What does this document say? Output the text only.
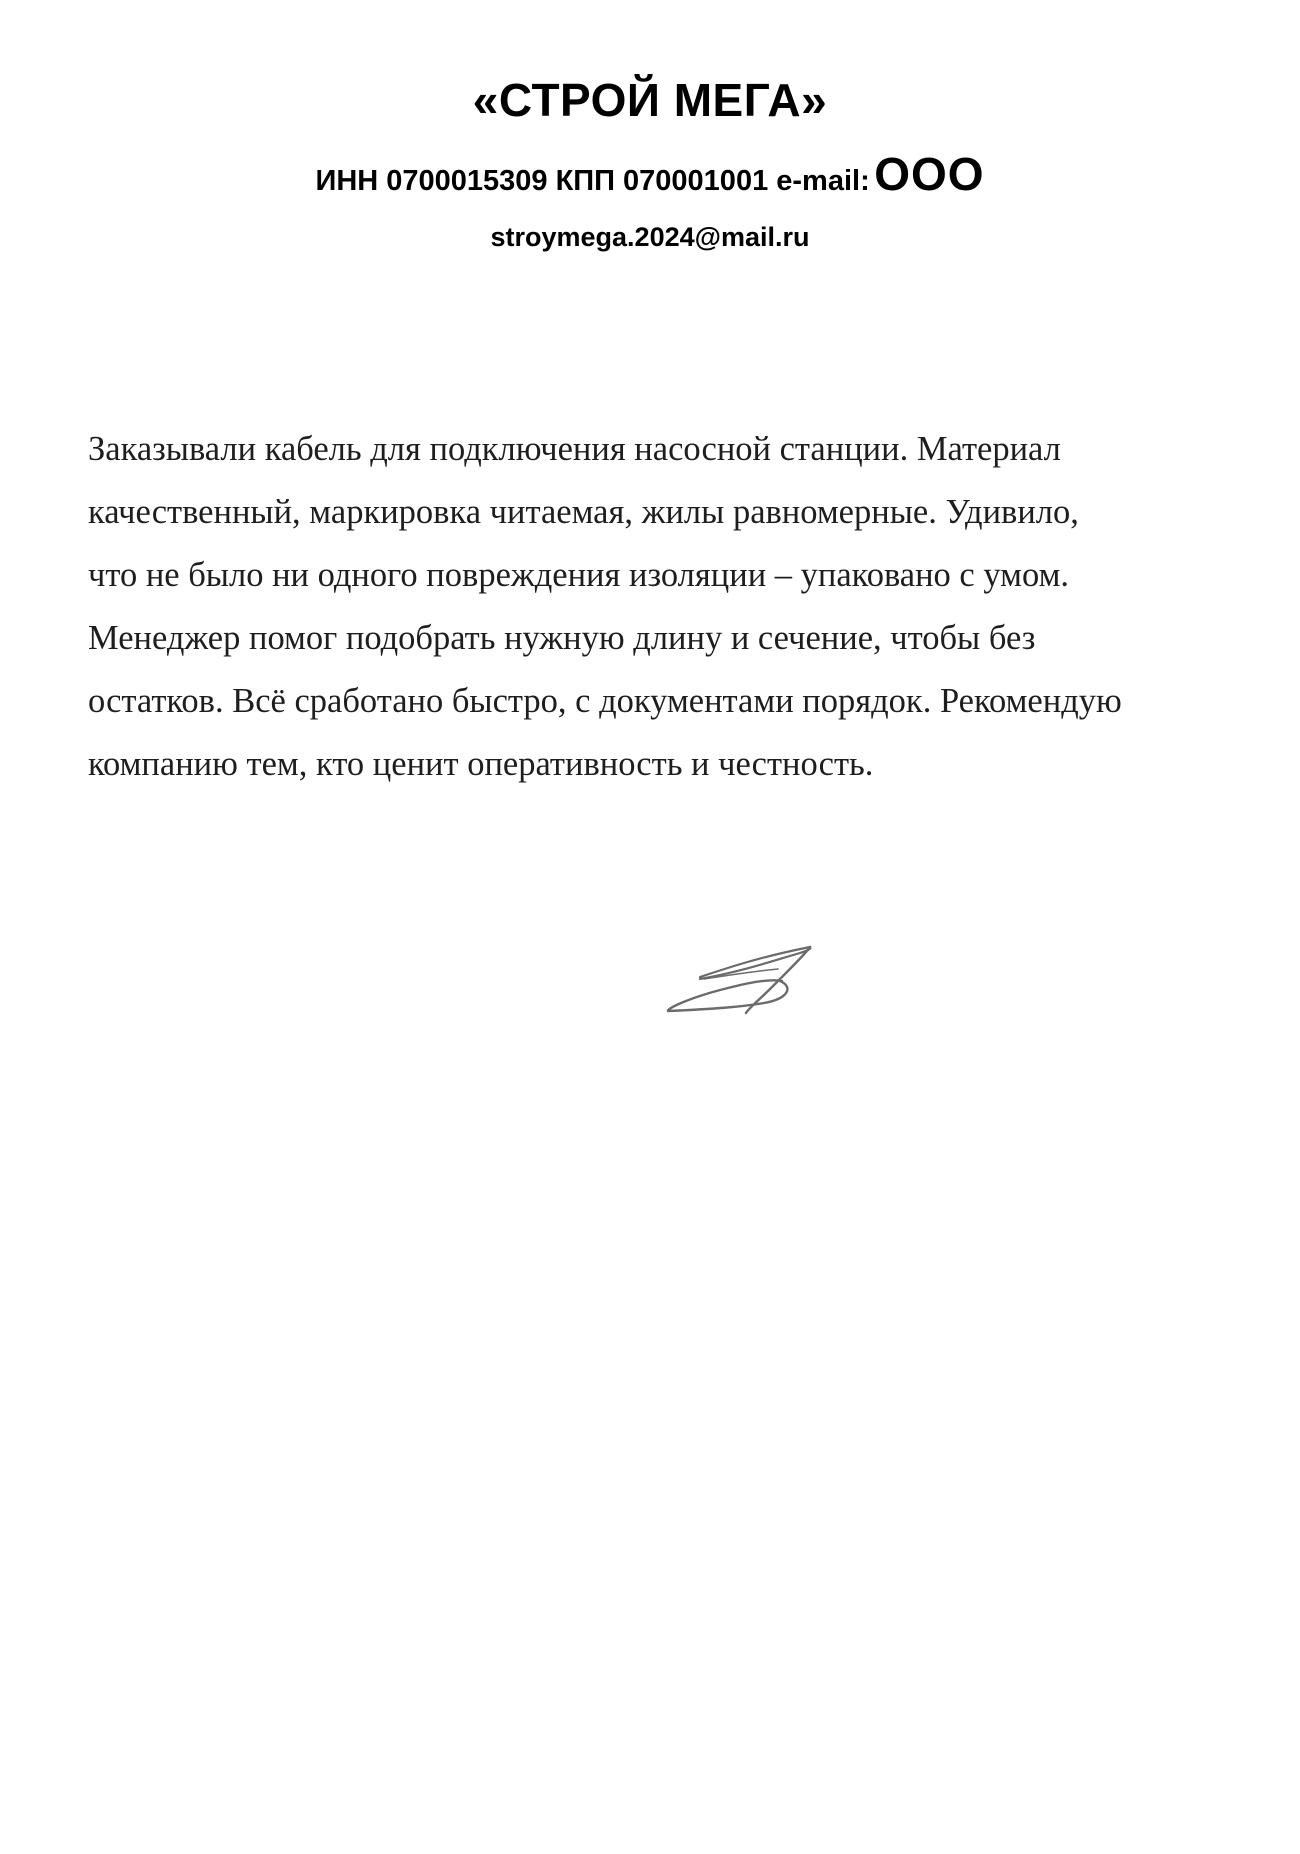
«СТРОЙ МЕГА»
ИНН 0700015309 КПП 070001001 e-mail: ООО
stroymega.2024@mail.ru
Заказывали кабель для подключения насосной станции. Материал
качественный, маркировка читаемая, жилы равномерные. Удивило,
что не было ни одного повреждения изоляции – упаковано с умом.
Менеджер помог подобрать нужную длину и сечение, чтобы без
остатков. Всё сработано быстро, с документами порядок. Рекомендую
компанию тем, кто ценит оперативность и честность.
